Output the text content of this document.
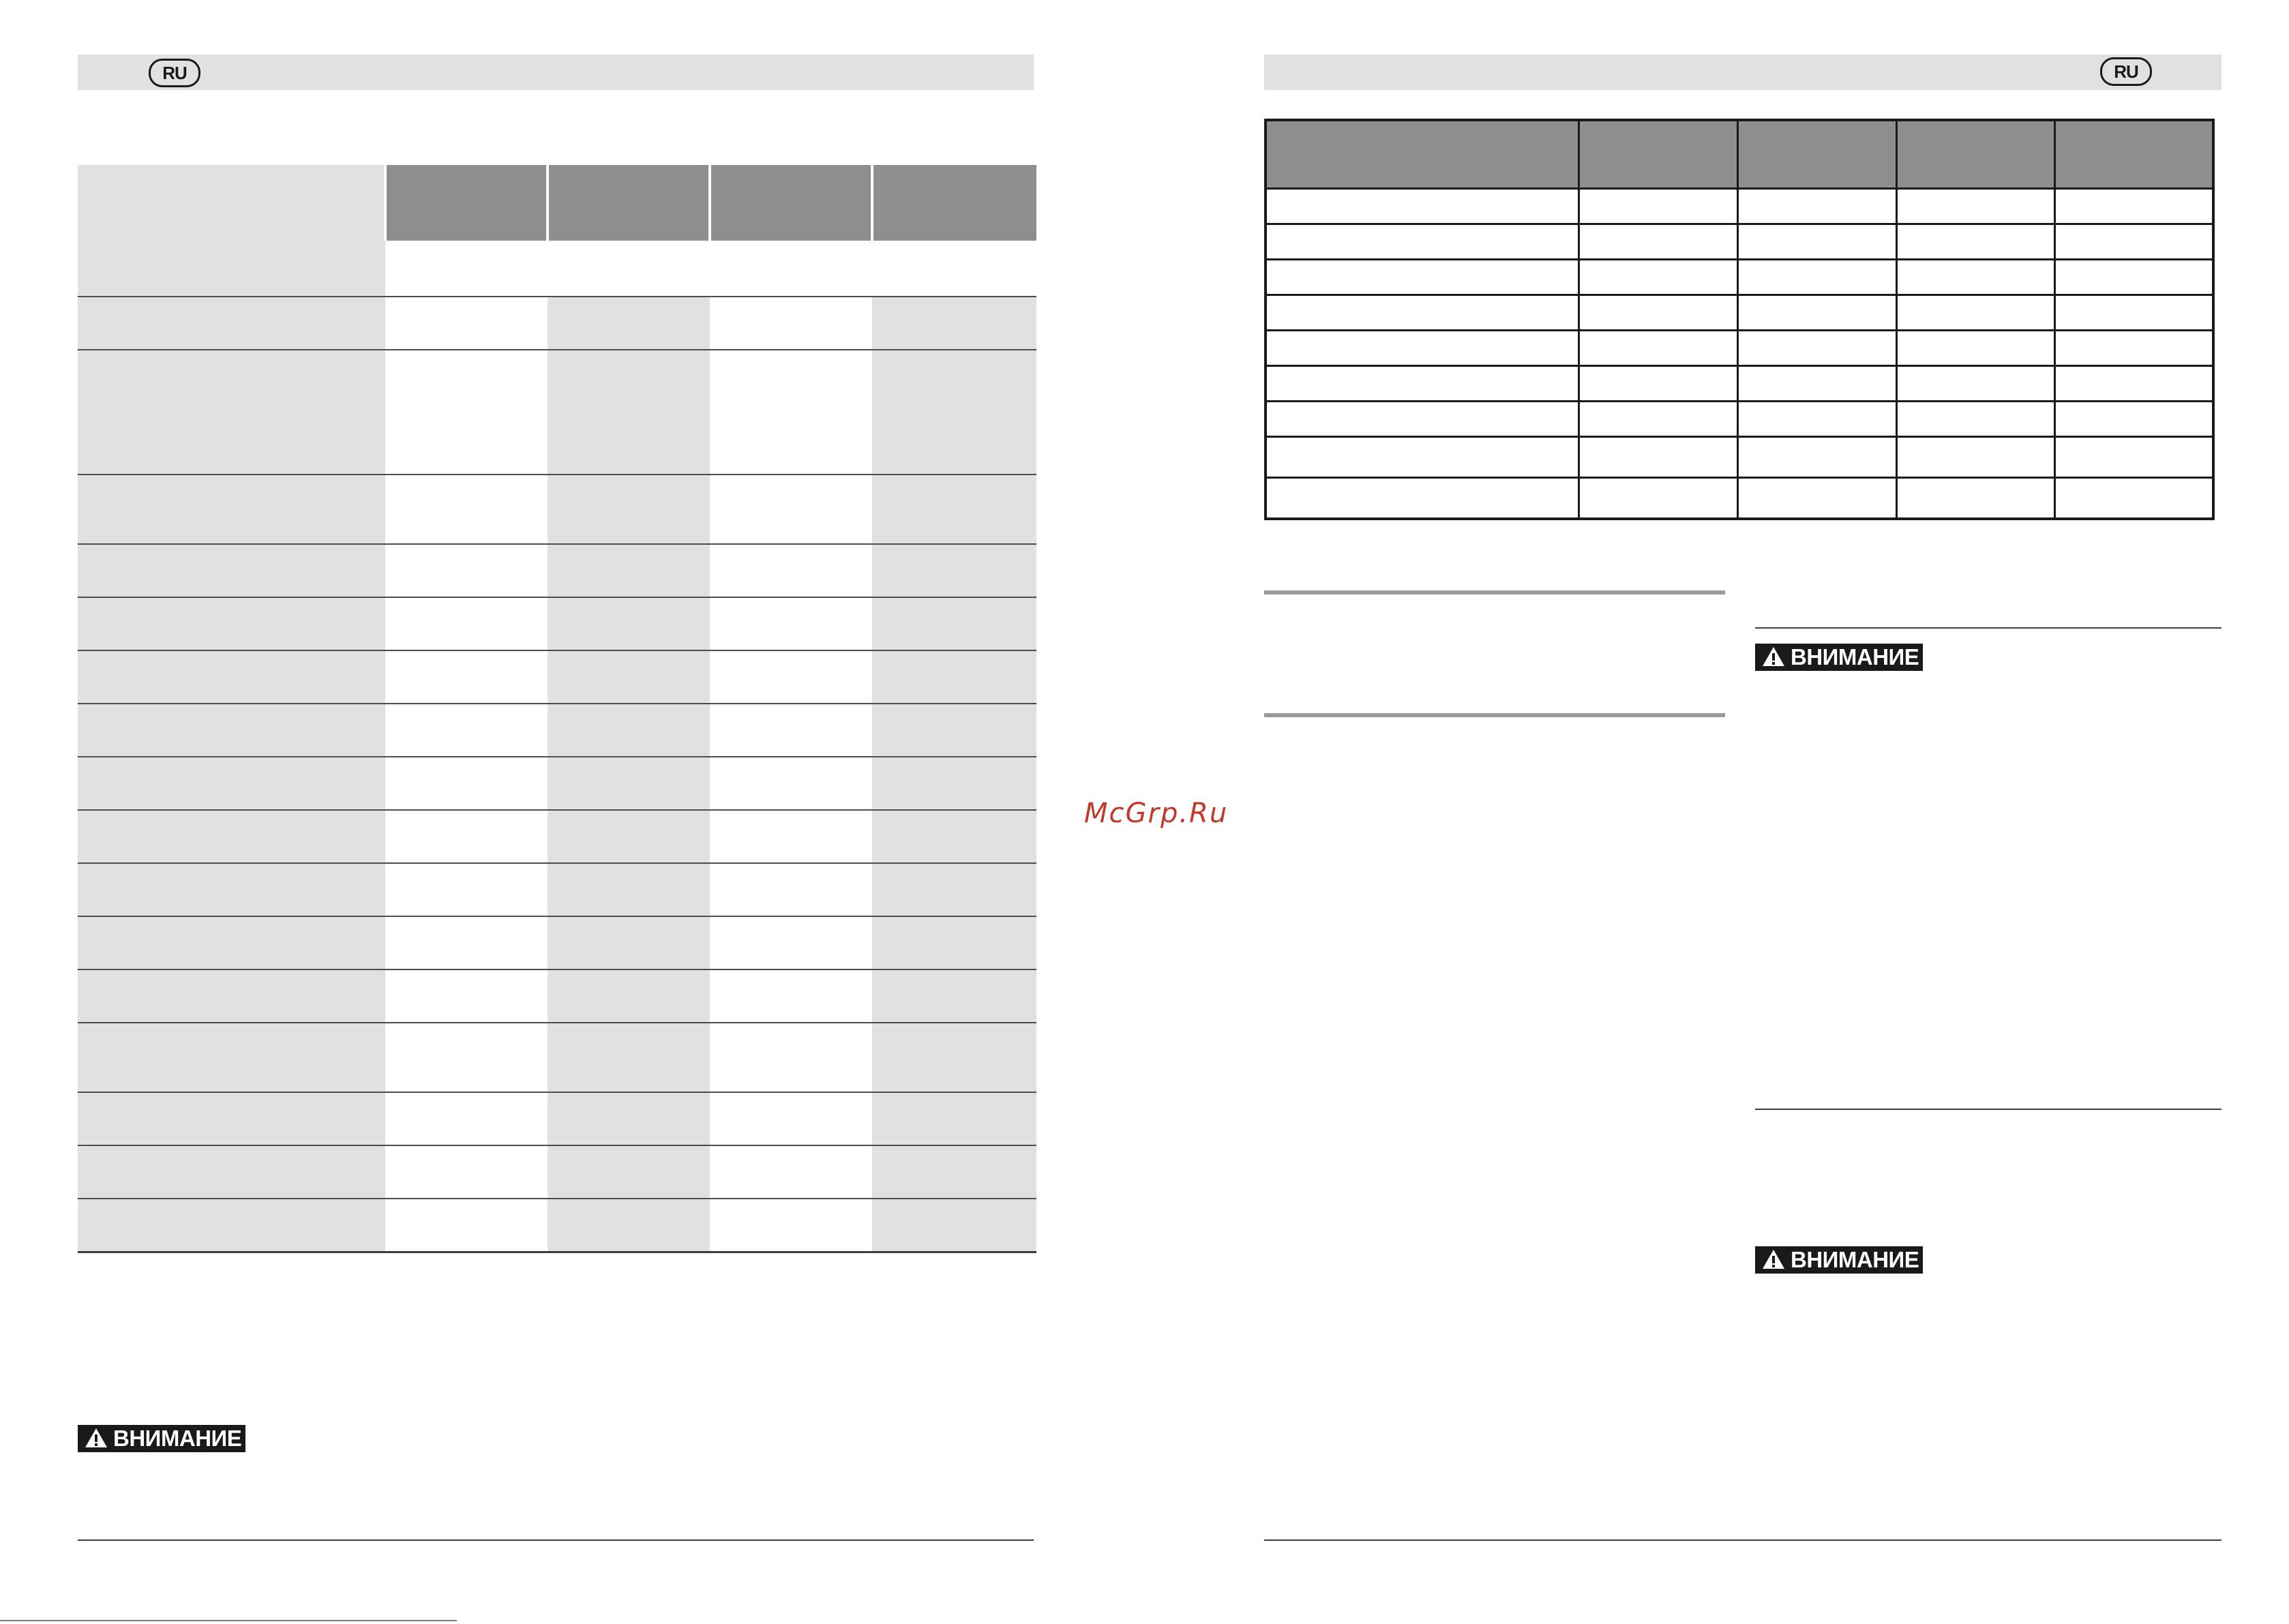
RU

ВНИМАНИЕ
McGrp.Ru
RU

ВНИМАНИЕ
ВНИМАНИЕ
